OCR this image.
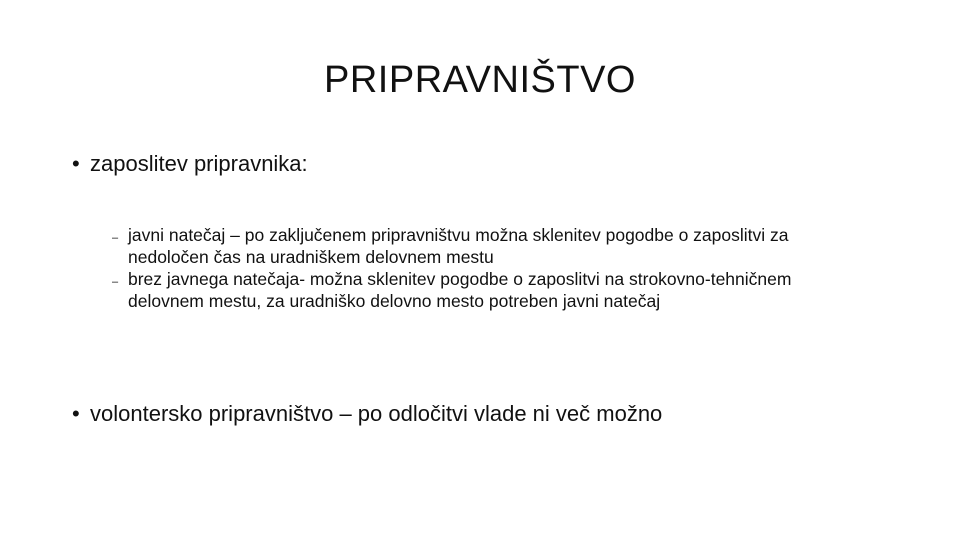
PRIPRAVNIŠTVO
• zaposlitev pripravnika:
– javni natečaj – po zaključenem pripravništvu možna sklenitev pogodbe o zaposlitvi za nedoločen čas na uradniškem delovnem mestu
– brez javnega natečaja- možna sklenitev pogodbe o zaposlitvi na strokovno-tehničnem delovnem mestu, za uradniško delovno mesto potreben javni natečaj
• volontersko pripravništvo – po odločitvi vlade ni več možno
